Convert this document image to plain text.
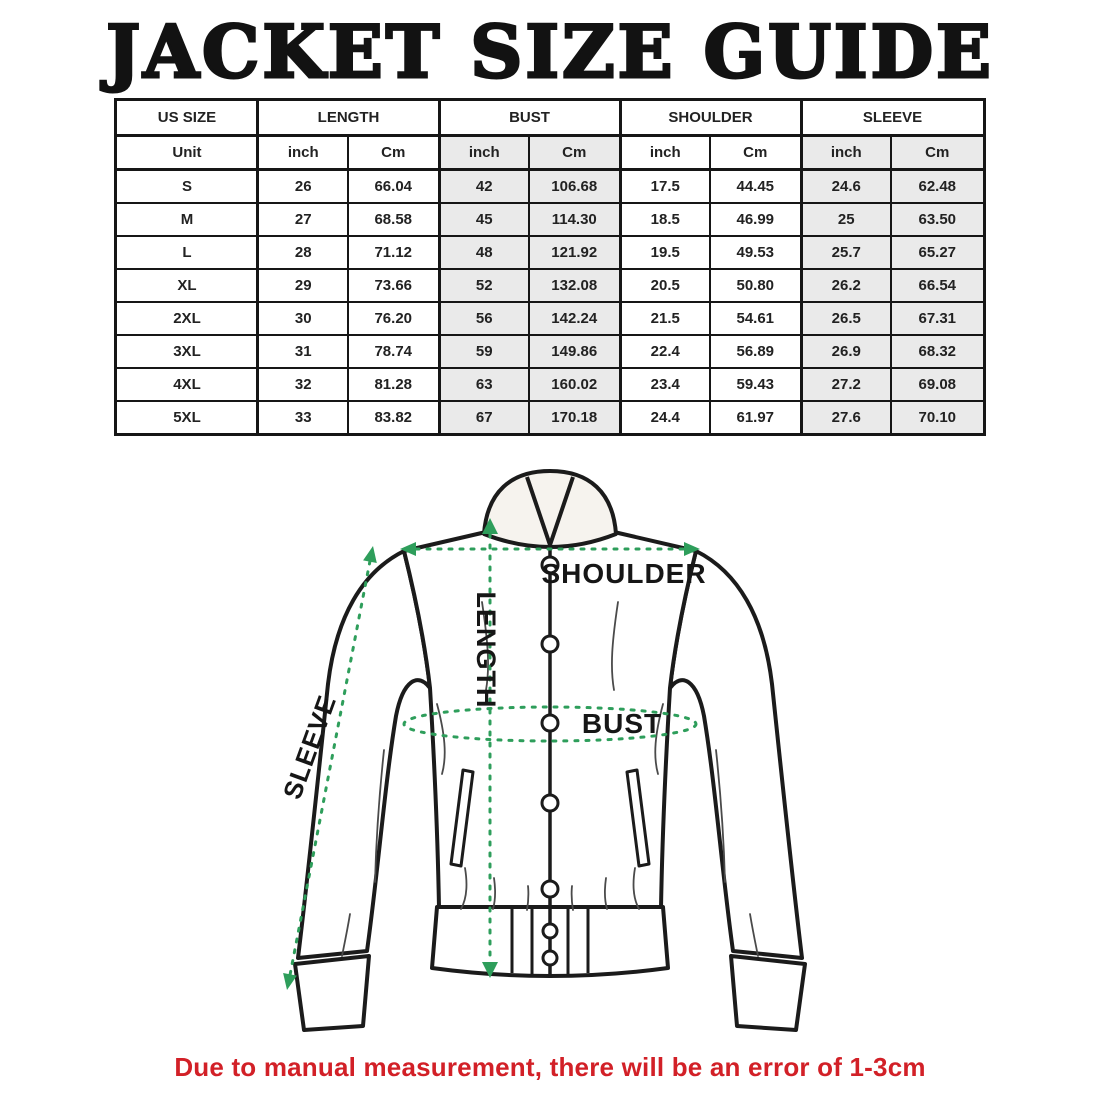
JACKET SIZE GUIDE
US SIZE	LENGTH		BUST		SHOULDER		SLEEVE	
Unit	inch	Cm	inch	Cm	inch	Cm	inch	Cm
S	26	66.04	42	106.68	17.5	44.45	24.6	62.48
M	27	68.58	45	114.30	18.5	46.99	25	63.50
L	28	71.12	48	121.92	19.5	49.53	25.7	65.27
XL	29	73.66	52	132.08	20.5	50.80	26.2	66.54
2XL	30	76.20	56	142.24	21.5	54.61	26.5	67.31
3XL	31	78.74	59	149.86	22.4	56.89	26.9	68.32
4XL	32	81.28	63	160.02	23.4	59.43	27.2	69.08
5XL	33	83.82	67	170.18	24.4	61.97	27.6	70.10
SHOULDER
LENGTH
BUST
SLEEVE
Due to manual measurement, there will be an error of 1-3cm
